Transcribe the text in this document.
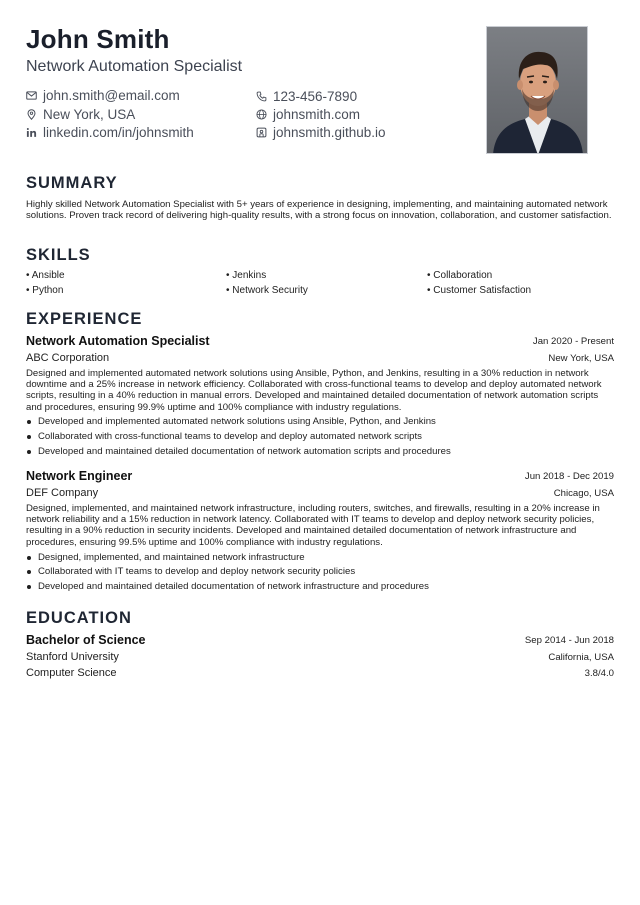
John Smith
Network Automation Specialist
john.smith@email.com	123-456-7890
New York, USA	johnsmith.com
linkedin.com/in/johnsmith	johnsmith.github.io
SUMMARY
Highly skilled Network Automation Specialist with 5+ years of experience in designing, implementing, and maintaining automated network solutions. Proven track record of delivering high-quality results, with a strong focus on innovation, collaboration, and customer satisfaction.
SKILLS
• Ansible	• Jenkins	• Collaboration
• Python	• Network Security	• Customer Satisfaction
EXPERIENCE
Network Automation Specialist	Jan 2020 - Present
ABC Corporation	New York, USA
Designed and implemented automated network solutions using Ansible, Python, and Jenkins, resulting in a 30% reduction in network downtime and a 25% increase in network efficiency. Collaborated with cross-functional teams to develop and deploy automated network scripts, resulting in a 40% reduction in manual errors. Developed and maintained detailed documentation of network automation scripts and procedures, ensuring 99.9% uptime and 100% compliance with industry regulations.
Developed and implemented automated network solutions using Ansible, Python, and Jenkins
Collaborated with cross-functional teams to develop and deploy automated network scripts
Developed and maintained detailed documentation of network automation scripts and procedures
Network Engineer	Jun 2018 - Dec 2019
DEF Company	Chicago, USA
Designed, implemented, and maintained network infrastructure, including routers, switches, and firewalls, resulting in a 20% increase in network reliability and a 15% reduction in network latency. Collaborated with IT teams to develop and deploy network security policies, resulting in a 90% reduction in security incidents. Developed and maintained detailed documentation of network infrastructure and procedures, ensuring 99.5% uptime and 100% compliance with industry regulations.
Designed, implemented, and maintained network infrastructure
Collaborated with IT teams to develop and deploy network security policies
Developed and maintained detailed documentation of network infrastructure and procedures
EDUCATION
Bachelor of Science	Sep 2014 - Jun 2018
Stanford University	California, USA
Computer Science	3.8/4.0
